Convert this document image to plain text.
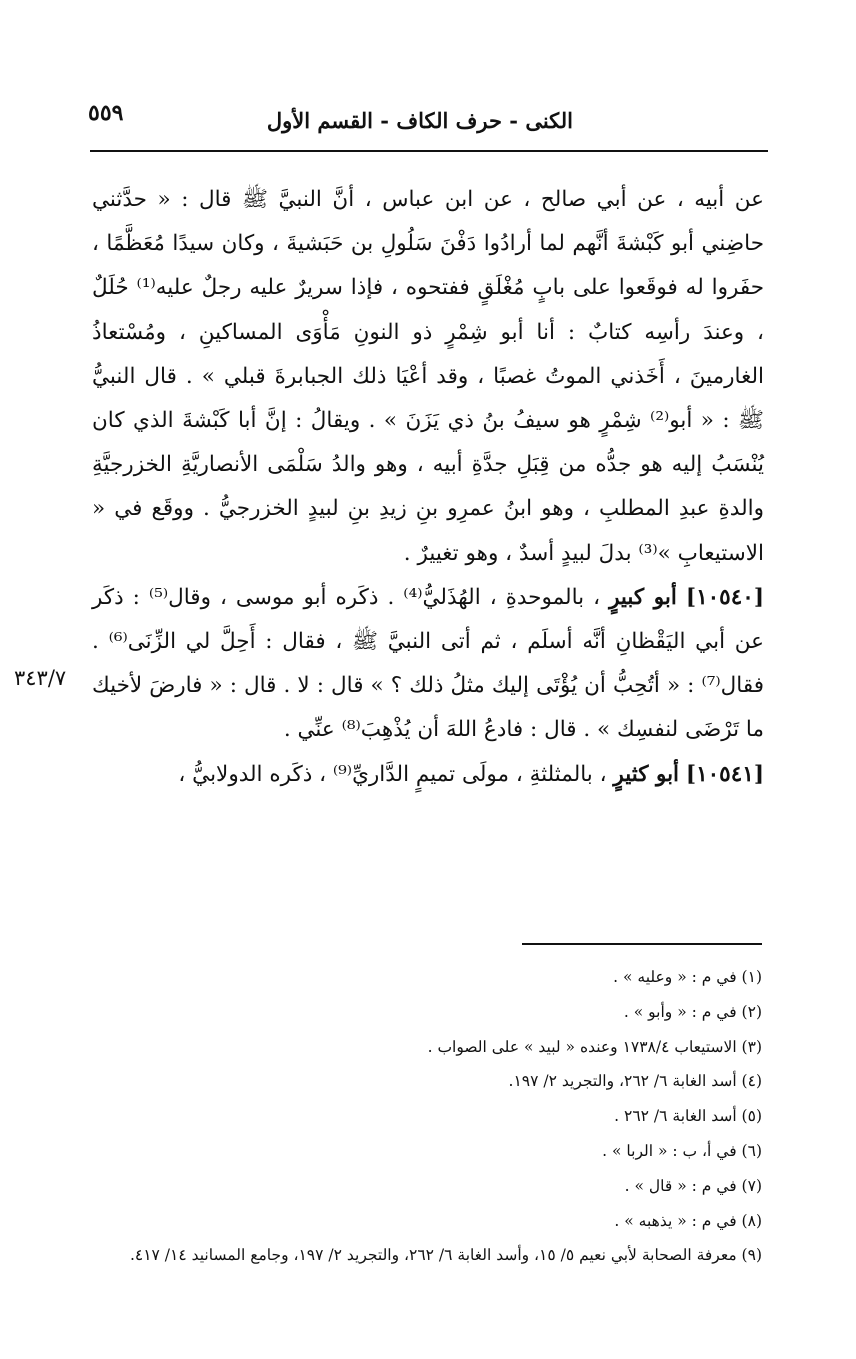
الكنى - حرف الكاف - القسم الأول
٥٥٩

عن أبيه ، عن أبي صالح ، عن ابن عباس ، أنَّ النبيَّ ﷺ قال : « حدَّثني حاضِني أبو كَبْشةَ أنَّهم لما أرادُوا دَفْنَ سَلُولِ بن حَبَشيةَ ، وكان سيدًا مُعَظَّمًا ، حفَروا له فوقَعوا على بابٍ مُغْلَقٍ ففتحوه ، فإذا سريرٌ عليه رجلٌ عليه⁽¹⁾ حُلَلٌ ، وعندَ رأسِه كتابٌ : أنا أبو شِمْرٍ ذو النونِ مَأْوَى المساكينِ ، ومُسْتعاذُ الغارمينَ ، أَخَذني الموتُ غصبًا ، وقد أعْيَا ذلك الجبابرةَ قبلي » . قال النبيُّ ﷺ : « أبو⁽²⁾ شِمْرٍ هو سيفُ بنُ ذي يَزَنَ » . ويقالُ : إنَّ أبا كَبْشةَ الذي كان يُنْسَبُ إليه هو جدُّه من قِبَلِ جدَّةِ أبيه ، وهو والدُ سَلْمَى الأنصاريَّةِ الخزرجيَّةِ والدةِ عبدِ المطلبِ ، وهو ابنُ عمرِو بنِ زيدِ بنِ لبيدٍ الخزرجيُّ . ووقَع في « الاستيعابِ »⁽³⁾ بدلَ لبيدٍ أسدٌ ، وهو تغييرٌ .

[١٠٥٤٠] أبو كبيرٍ ، بالموحدةِ ، الهُذَليُّ⁽⁴⁾ . ذكَره أبو موسى ، وقال⁽⁵⁾ : ذكَر عن أبي اليَقْظانِ أنَّه أسلَم ، ثم أتى النبيَّ ﷺ ، فقال : أَحِلَّ لي الزِّنَى⁽⁶⁾ . فقال⁽⁷⁾ : « أتُحِبُّ أن يُؤْتَى إليك مثلُ ذلك ؟ » قال : لا . قال : « فارضَ لأخيك ما تَرْضَى لنفسِك » . قال : فادعُ اللهَ أن يُذْهِبَ⁽⁸⁾ عنِّي .

[١٠٥٤١] أبو كثيرٍ ، بالمثلثةِ ، مولَى تميمٍ الدَّاريِّ⁽⁹⁾ ، ذكَره الدولابيُّ ،

٣٤٣/٧

(١) في م : « وعليه » .

(٢) في م : « وأبو » .

(٣) الاستيعاب ١٧٣٨/٤ وعنده « لبيد » على الصواب .

(٤) أسد الغابة ٦/ ٢٦٢، والتجريد ٢/ ١٩٧.

(٥) أسد الغابة ٦/ ٢٦٢ .

(٦) في أ، ب : « الربا » .

(٧) في م : « قال » .

(٨) في م : « يذهبه » .

(٩) معرفة الصحابة لأبي نعيم ٥/ ١٥، وأسد الغابة ٦/ ٢٦٢، والتجريد ٢/ ١٩٧، وجامع المسانيد ١٤/ ٤١٧.
